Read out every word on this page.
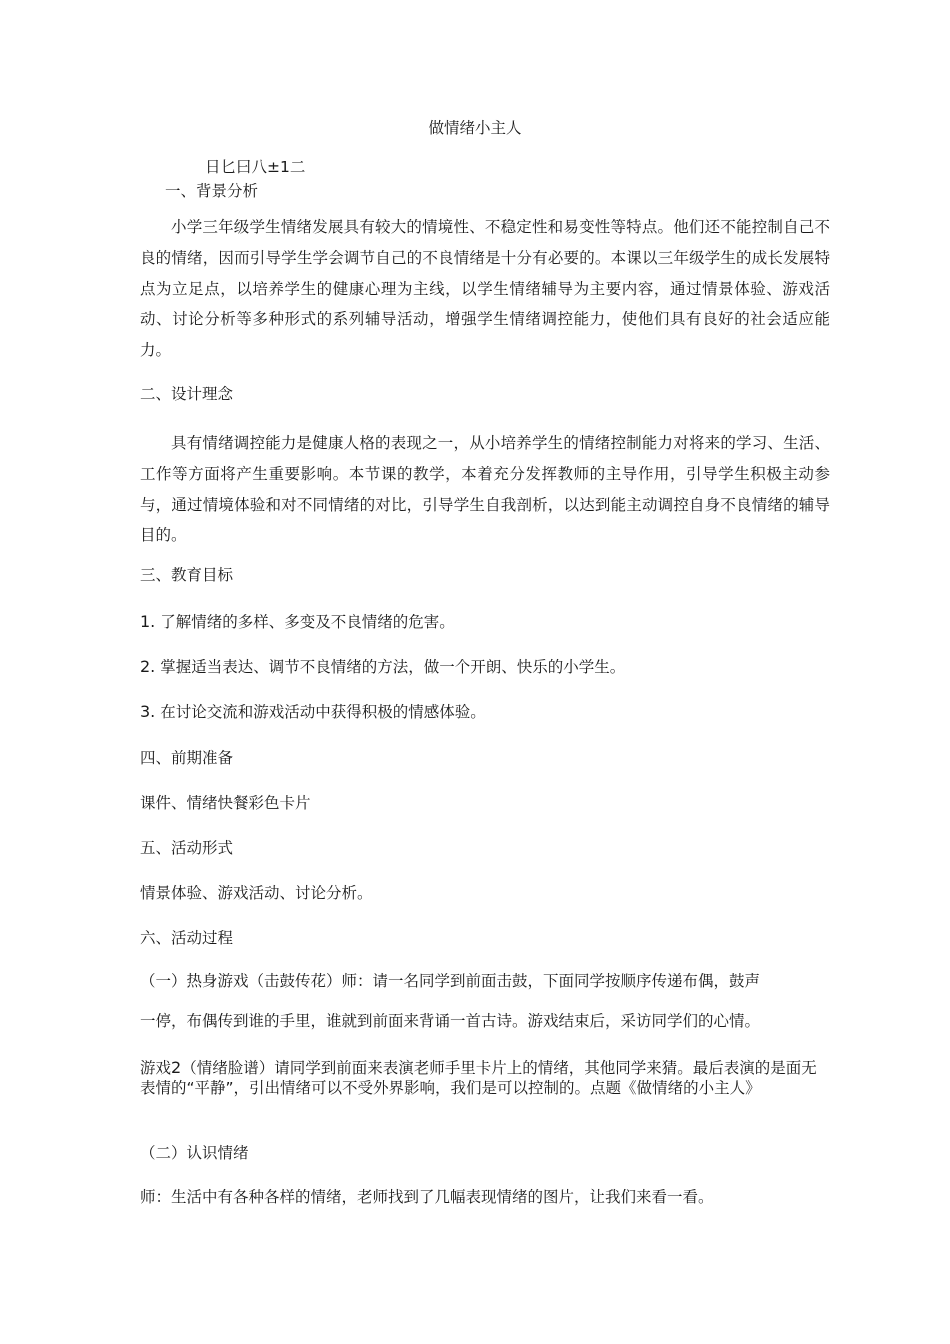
做情绪小主人

日匕曰八±1二

一、背景分析

小学三年级学生情绪发展具有较大的情境性、不稳定性和易变性等特点。他们还不能控制自己不良的情绪，因而引导学生学会调节自己的不良情绪是十分有必要的。本课以三年级学生的成长发展特点为立足点，以培养学生的健康心理为主线，以学生情绪辅导为主要内容，通过情景体验、游戏活动、讨论分析等多种形式的系列辅导活动，增强学生情绪调控能力，使他们具有良好的社会适应能力。

二、设计理念

具有情绪调控能力是健康人格的表现之一，从小培养学生的情绪控制能力对将来的学习、生活、工作等方面将产生重要影响。本节课的教学，本着充分发挥教师的主导作用，引导学生积极主动参与，通过情境体验和对不同情绪的对比，引导学生自我剖析，以达到能主动调控自身不良情绪的辅导目的。

三、教育目标

1. 了解情绪的多样、多变及不良情绪的危害。

2. 掌握适当表达、调节不良情绪的方法，做一个开朗、快乐的小学生。

3. 在讨论交流和游戏活动中获得积极的情感体验。

四、前期准备

课件、情绪快餐彩色卡片

五、活动形式

情景体验、游戏活动、讨论分析。

六、活动过程

（一）热身游戏（击鼓传花）师：请一名同学到前面击鼓，下面同学按顺序传递布偶，鼓声

一停，布偶传到谁的手里，谁就到前面来背诵一首古诗。游戏结束后，采访同学们的心情。

游戏2（情绪脸谱）请同学到前面来表演老师手里卡片上的情绪，其他同学来猜。最后表演的是面无表情的“平静”，引出情绪可以不受外界影响，我们是可以控制的。点题《做情绪的小主人》

（二）认识情绪

师：生活中有各种各样的情绪，老师找到了几幅表现情绪的图片，让我们来看一看。
